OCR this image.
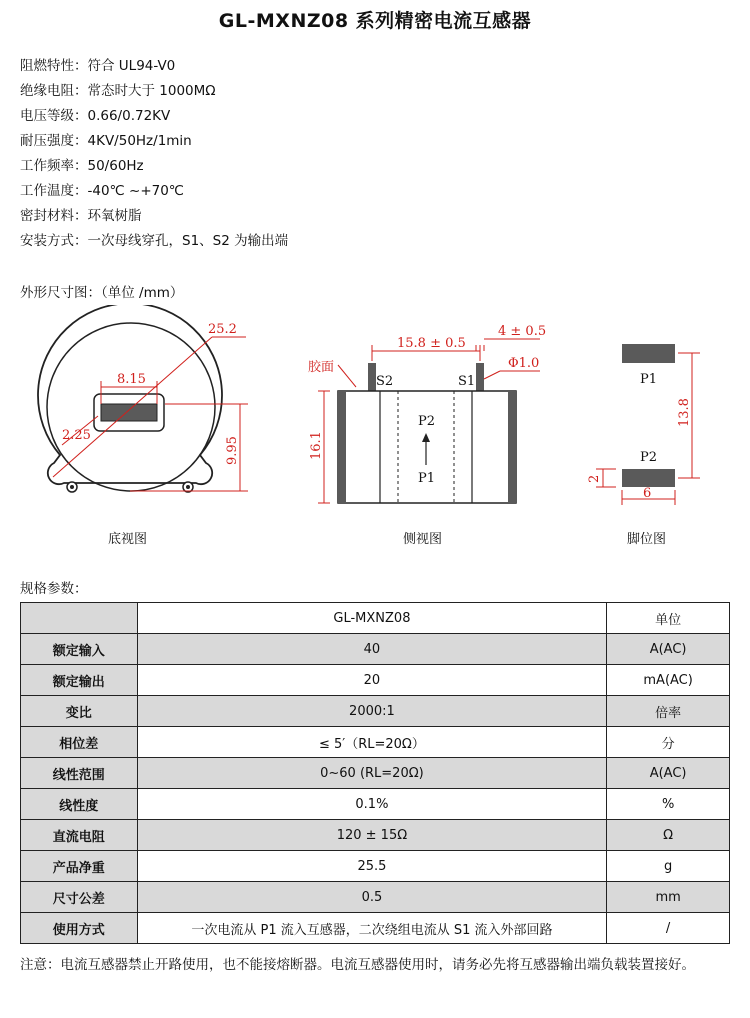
GL-MXNZ08 系列精密电流互感器
阻燃特性：符合 UL94-V0
绝缘电阻：常态时大于 1000MΩ
电压等级：0.66/0.72KV
耐压强度：4KV/50Hz/1min
工作频率：50/60Hz
工作温度：-40℃ ~+70℃
密封材料：环氧树脂
安装方式：一次母线穿孔，S1、S2 为输出端
外形尺寸图：（单位 /mm）
25.2
8.15
2.25
9.95
15.8 ± 0.5
4 ± 0.5
Φ1.0
16.1
胶面
S2	S1
P2
P1
P1
P2
13.8
2
6
底视图	侧视图	脚位图
规格参数：
	GL-MXNZ08	单位
额定输入	40	A(AC)
额定输出	20	mA(AC)
变比	2000:1	倍率
相位差	≤ 5′（RL=20Ω）	分
线性范围	0~60 (RL=20Ω)	A(AC)
线性度	0.1%	%
直流电阻	120 ± 15Ω	Ω
产品净重	25.5	g
尺寸公差	0.5	mm
使用方式	一次电流从 P1 流入互感器，二次绕组电流从 S1 流入外部回路	/
注意：电流互感器禁止开路使用，也不能接熔断器。电流互感器使用时，请务必先将互感器输出端负载装置接好。
